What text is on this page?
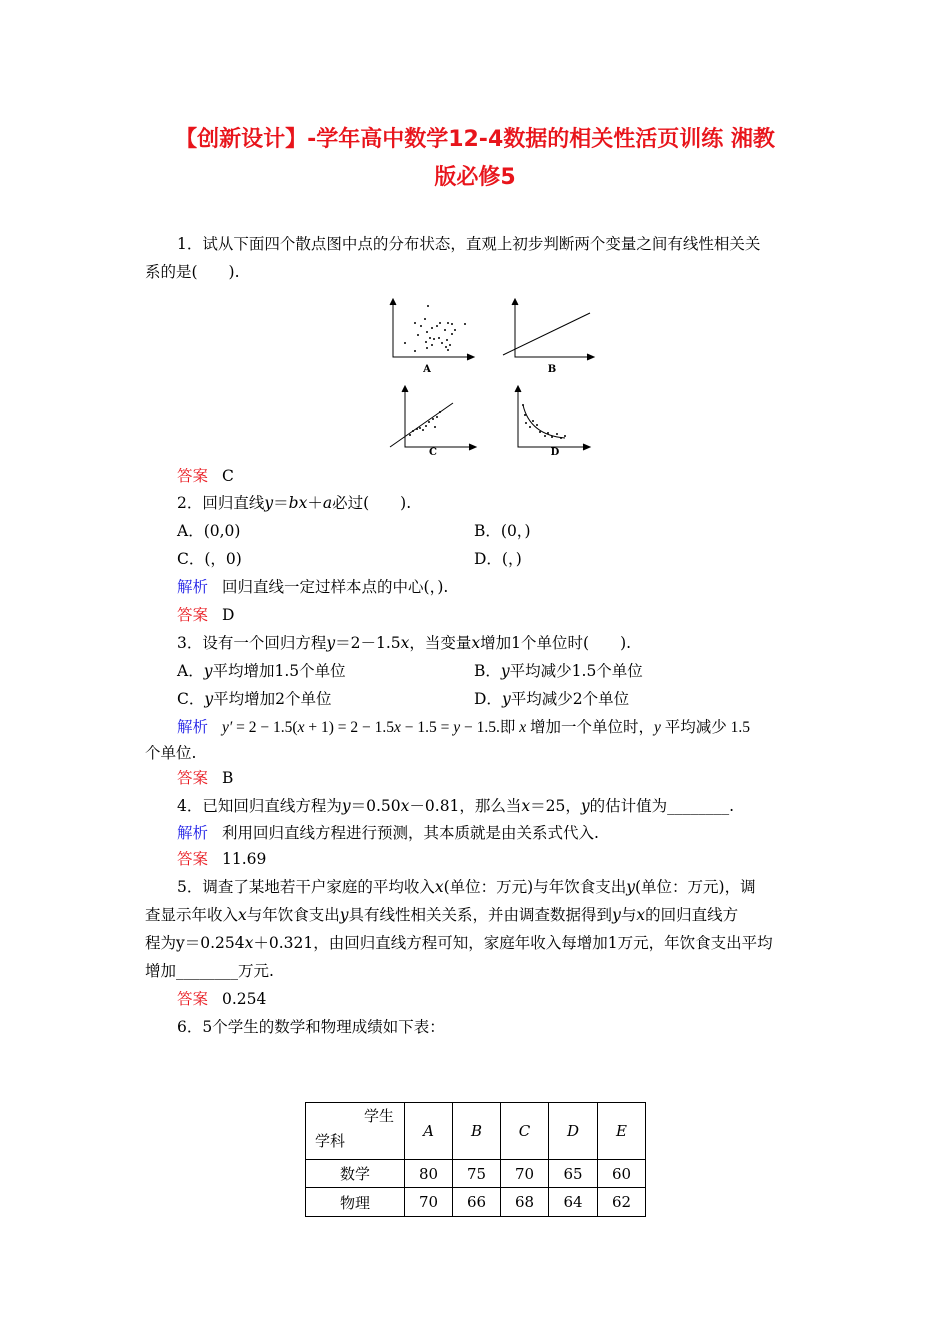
【创新设计】-学年高中数学12-4数据的相关性活页训练 湘教
版必修5
1．试从下面四个散点图中点的分布状态，直观上初步判断两个变量之间有线性相关关
系的是(　　).
A	B
C	D
答案 C
2．回归直线y＝bx＋a必过(　　).
A．(0,0)	B．(0，)
C．(，0)	D．(，)
解析 回归直线一定过样本点的中心(，).
答案 D
3．设有一个回归方程y＝2－1.5x，当变量x增加1个单位时(　　).
A．y平均增加1.5个单位	B．y平均减少1.5个单位
C．y平均增加2个单位	D．y平均减少2个单位
解析 y′ = 2 − 1.5(x + 1) = 2 − 1.5x − 1.5 = y − 1.5.即 x 增加一个单位时，y 平均减少 1.5
个单位.
答案 B
4．已知回归直线方程为y＝0.50x－0.81，那么当x＝25，y的估计值为________.
解析 利用回归直线方程进行预测，其本质就是由关系式代入.
答案 11.69
5．调查了某地若干户家庭的平均收入x(单位：万元)与年饮食支出y(单位：万元)，调
查显示年收入x与年饮食支出y具有线性相关关系，并由调查数据得到y与x的回归直线方
程为y＝0.254x＋0.321，由回归直线方程可知，家庭年收入每增加1万元，年饮食支出平均
增加________万元.
答案 0.254
6．5个学生的数学和物理成绩如下表：
学生
学科	A	B	C	D	E
数学	80	75	70	65	60
物理	70	66	68	64	62
